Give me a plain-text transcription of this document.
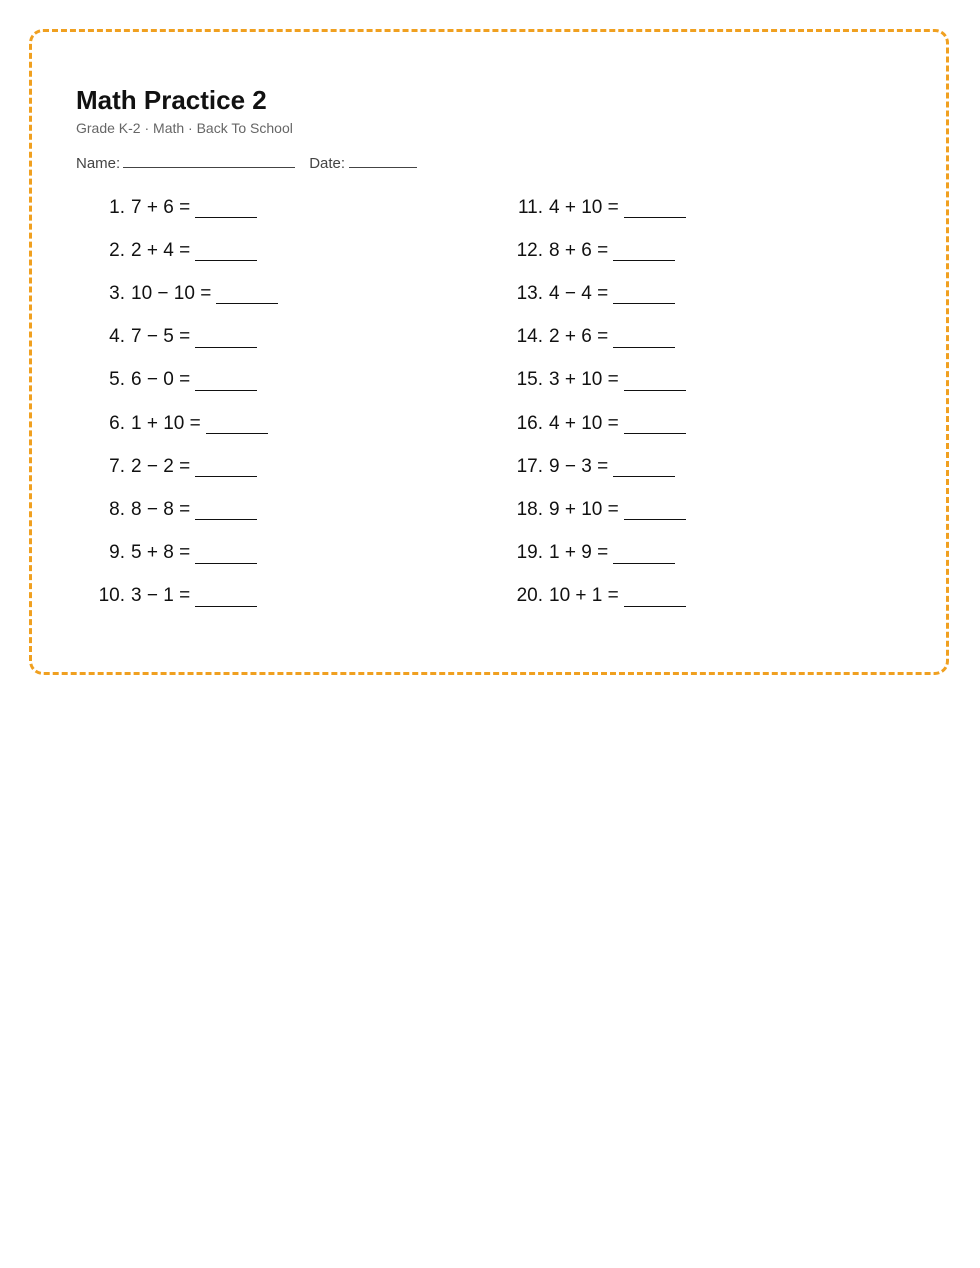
Math Practice 2
Grade K-2 · Math · Back To School
Name:	Date:
1. 7 + 6 =
2. 2 + 4 =
3. 10 − 10 =
4. 7 − 5 =
5. 6 − 0 =
6. 1 + 10 =
7. 2 − 2 =
8. 8 − 8 =
9. 5 + 8 =
10. 3 − 1 =
11. 4 + 10 =
12. 8 + 6 =
13. 4 − 4 =
14. 2 + 6 =
15. 3 + 10 =
16. 4 + 10 =
17. 9 − 3 =
18. 9 + 10 =
19. 1 + 9 =
20. 10 + 1 =
